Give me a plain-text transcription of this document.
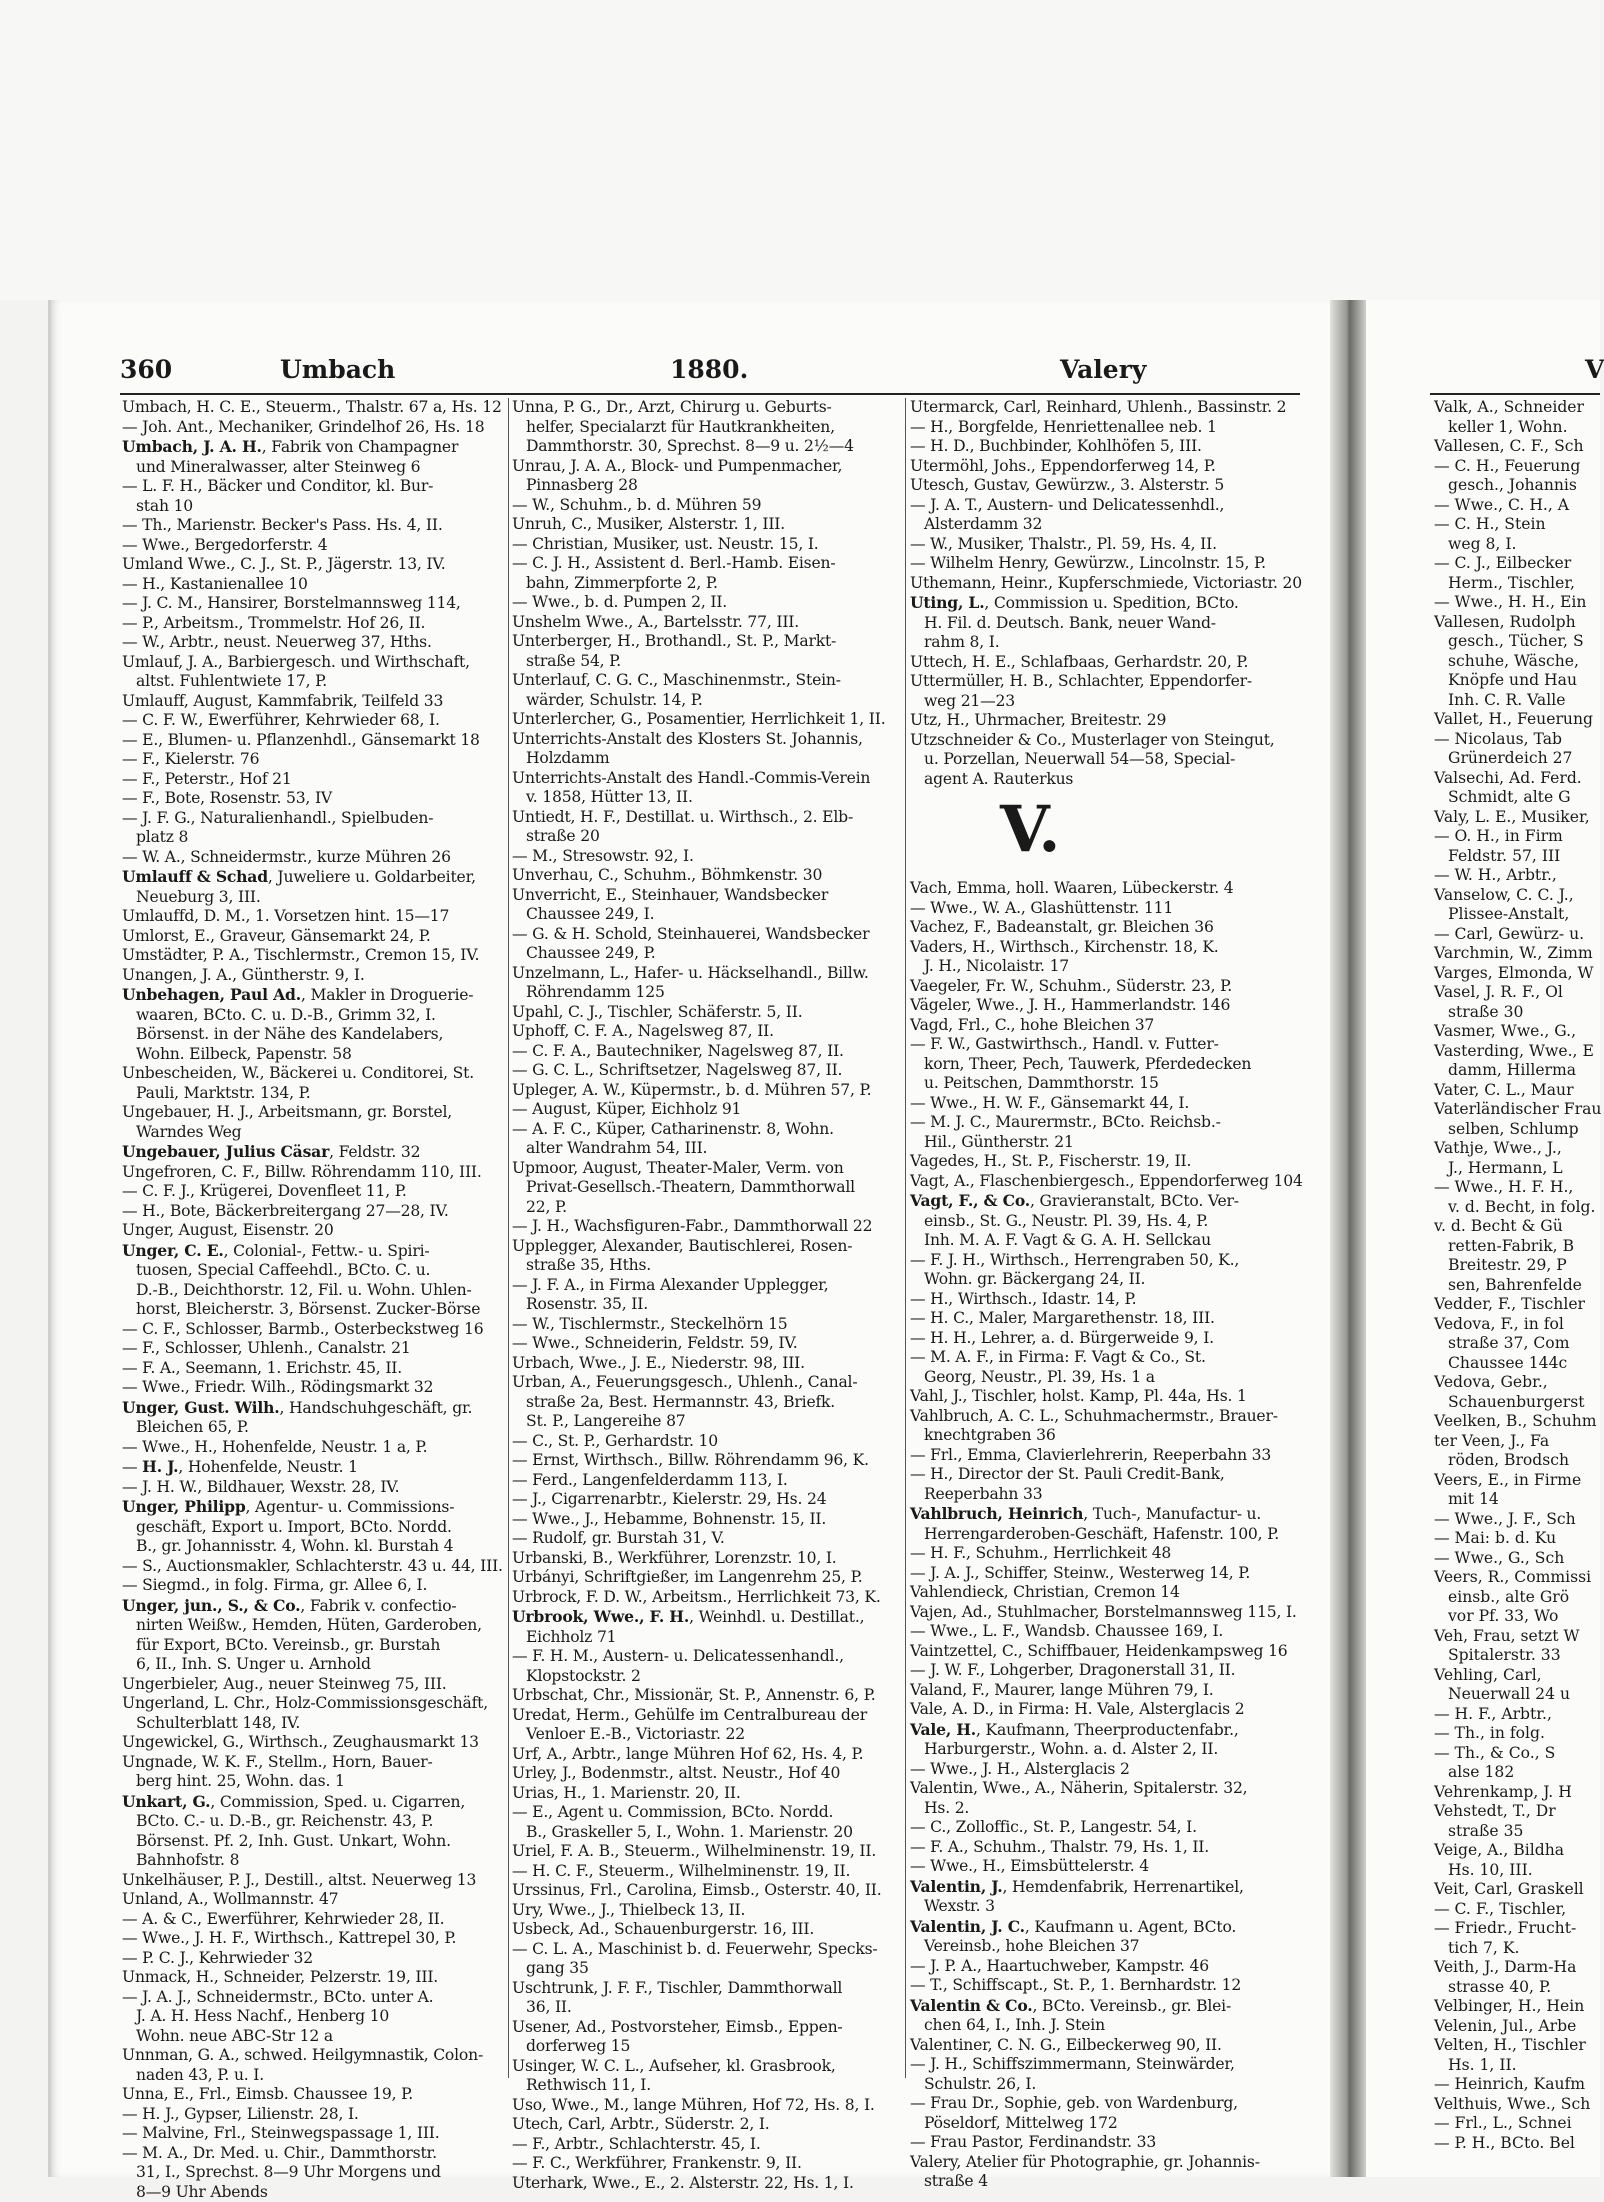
360	Umbach	1880.	Valery
Umbach, H. C. E., Steuerm., Thalstr. 67 a, Hs. 12
— Joh. Ant., Mechaniker, Grindelhof 26, Hs. 18
Umbach, J. A. H., Fabrik von Champagner
und Mineralwasser, alter Steinweg 6
— L. F. H., Bäcker und Conditor, kl. Bur-
stah 10
— Th., Marienstr. Becker's Pass. Hs. 4, II.
— Wwe., Bergedorferstr. 4
Umland Wwe., C. J., St. P., Jägerstr. 13, IV.
— H., Kastanienallee 10
— J. C. M., Hansirer, Borstelmannsweg 114,
— P., Arbeitsm., Trommelstr. Hof 26, II.
— W., Arbtr., neust. Neuerweg 37, Hths.
Umlauf, J. A., Barbiergesch. und Wirthschaft,
altst. Fuhlentwiete 17, P.
Umlauff, August, Kammfabrik, Teilfeld 33
— C. F. W., Ewerführer, Kehrwieder 68, I.
— E., Blumen- u. Pflanzenhdl., Gänsemarkt 18
— F., Kielerstr. 76
— F., Peterstr., Hof 21
— F., Bote, Rosenstr. 53, IV
— J. F. G., Naturalienhandl., Spielbuden-
platz 8
— W. A., Schneidermstr., kurze Mühren 26
Umlauff & Schad, Juweliere u. Goldarbeiter,
Neueburg 3, III.
Umlauffd, D. M., 1. Vorsetzen hint. 15—17
Umlorst, E., Graveur, Gänsemarkt 24, P.
Umstädter, P. A., Tischlermstr., Cremon 15, IV.
Unangen, J. A., Güntherstr. 9, I.
Unbehagen, Paul Ad., Makler in Droguerie-
waaren, BCto. C. u. D.-B., Grimm 32, I.
Börsenst. in der Nähe des Kandelabers,
Wohn. Eilbeck, Papenstr. 58
Unbescheiden, W., Bäckerei u. Conditorei, St.
Pauli, Marktstr. 134, P.
Ungebauer, H. J., Arbeitsmann, gr. Borstel,
Warndes Weg
Ungebauer, Julius Cäsar, Feldstr. 32
Ungefroren, C. F., Billw. Röhrendamm 110, III.
— C. F. J., Krügerei, Dovenfleet 11, P.
— H., Bote, Bäckerbreitergang 27—28, IV.
Unger, August, Eisenstr. 20
Unger, C. E., Colonial-, Fettw.- u. Spiri-
tuosen, Special Caffeehdl., BCto. C. u.
D.-B., Deichthorstr. 12, Fil. u. Wohn. Uhlen-
horst, Bleicherstr. 3, Börsenst. Zucker-Börse
— C. F., Schlosser, Barmb., Osterbeckstweg 16
— F., Schlosser, Uhlenh., Canalstr. 21
— F. A., Seemann, 1. Erichstr. 45, II.
— Wwe., Friedr. Wilh., Rödingsmarkt 32
Unger, Gust. Wilh., Handschuhgeschäft, gr.
Bleichen 65, P.
— Wwe., H., Hohenfelde, Neustr. 1 a, P.
— H. J., Hohenfelde, Neustr. 1
— J. H. W., Bildhauer, Wexstr. 28, IV.
Unger, Philipp, Agentur- u. Commissions-
geschäft, Export u. Import, BCto. Nordd.
B., gr. Johannisstr. 4, Wohn. kl. Burstah 4
— S., Auctionsmakler, Schlachterstr. 43 u. 44, III.
— Siegmd., in folg. Firma, gr. Allee 6, I.
Unger, jun., S., & Co., Fabrik v. confectio-
nirten Weißw., Hemden, Hüten, Garderoben,
für Export, BCto. Vereinsb., gr. Burstah
6, II., Inh. S. Unger u. Arnhold
Ungerbieler, Aug., neuer Steinweg 75, III.
Ungerland, L. Chr., Holz-Commissionsgeschäft,
Schulterblatt 148, IV.
Ungewickel, G., Wirthsch., Zeughausmarkt 13
Ungnade, W. K. F., Stellm., Horn, Bauer-
berg hint. 25, Wohn. das. 1
Unkart, G., Commission, Sped. u. Cigarren,
BCto. C.- u. D.-B., gr. Reichenstr. 43, P.
Börsenst. Pf. 2, Inh. Gust. Unkart, Wohn.
Bahnhofstr. 8
Unkelhäuser, P. J., Destill., altst. Neuerweg 13
Unland, A., Wollmannstr. 47
— A. & C., Ewerführer, Kehrwieder 28, II.
— Wwe., J. H. F., Wirthsch., Kattrepel 30, P.
— P. C. J., Kehrwieder 32
Unmack, H., Schneider, Pelzerstr. 19, III.
— J. A. J., Schneidermstr., BCto. unter A.
J. A. H. Hess Nachf., Henberg 10
Wohn. neue ABC-Str 12 a
Unnman, G. A., schwed. Heilgymnastik, Colon-
naden 43, P. u. I.
Unna, E., Frl., Eimsb. Chaussee 19, P.
— H. J., Gypser, Lilienstr. 28, I.
— Malvine, Frl., Steinwegspassage 1, III.
— M. A., Dr. Med. u. Chir., Dammthorstr.
31, I., Sprechst. 8—9 Uhr Morgens und
8—9 Uhr Abends
Unna, P. G., Dr., Arzt, Chirurg u. Geburts-
helfer, Specialarzt für Hautkrankheiten,
Dammthorstr. 30, Sprechst. 8—9 u. 2½—4
Unrau, J. A. A., Block- und Pumpenmacher,
Pinnasberg 28
— W., Schuhm., b. d. Mühren 59
Unruh, C., Musiker, Alsterstr. 1, III.
— Christian, Musiker, ust. Neustr. 15, I.
— C. J. H., Assistent d. Berl.-Hamb. Eisen-
bahn, Zimmerpforte 2, P.
— Wwe., b. d. Pumpen 2, II.
Unshelm Wwe., A., Bartelsstr. 77, III.
Unterberger, H., Brothandl., St. P., Markt-
straße 54, P.
Unterlauf, C. G. C., Maschinenmstr., Stein-
wärder, Schulstr. 14, P.
Unterlercher, G., Posamentier, Herrlichkeit 1, II.
Unterrichts-Anstalt des Klosters St. Johannis,
Holzdamm
Unterrichts-Anstalt des Handl.-Commis-Verein
v. 1858, Hütter 13, II.
Untiedt, H. F., Destillat. u. Wirthsch., 2. Elb-
straße 20
— M., Stresowstr. 92, I.
Unverhau, C., Schuhm., Böhmkenstr. 30
Unverricht, E., Steinhauer, Wandsbecker
Chaussee 249, I.
— G. & H. Schold, Steinhauerei, Wandsbecker
Chaussee 249, P.
Unzelmann, L., Hafer- u. Häckselhandl., Billw.
Röhrendamm 125
Upahl, C. J., Tischler, Schäferstr. 5, II.
Uphoff, C. F. A., Nagelsweg 87, II.
— C. F. A., Bautechniker, Nagelsweg 87, II.
— G. C. L., Schriftsetzer, Nagelsweg 87, II.
Upleger, A. W., Küpermstr., b. d. Mühren 57, P.
— August, Küper, Eichholz 91
— A. F. C., Küper, Catharinenstr. 8, Wohn.
alter Wandrahm 54, III.
Upmoor, August, Theater-Maler, Verm. von
Privat-Gesellsch.-Theatern, Dammthorwall
22, P.
— J. H., Wachsfiguren-Fabr., Dammthorwall 22
Upplegger, Alexander, Bautischlerei, Rosen-
straße 35, Hths.
— J. F. A., in Firma Alexander Upplegger,
Rosenstr. 35, II.
— W., Tischlermstr., Steckelhörn 15
— Wwe., Schneiderin, Feldstr. 59, IV.
Urbach, Wwe., J. E., Niederstr. 98, III.
Urban, A., Feuerungsgesch., Uhlenh., Canal-
straße 2a, Best. Hermannstr. 43, Briefk.
St. P., Langereihe 87
— C., St. P., Gerhardstr. 10
— Ernst, Wirthsch., Billw. Röhrendamm 96, K.
— Ferd., Langenfelderdamm 113, I.
— J., Cigarrenarbtr., Kielerstr. 29, Hs. 24
— Wwe., J., Hebamme, Bohnenstr. 15, II.
— Rudolf, gr. Burstah 31, V.
Urbanski, B., Werkführer, Lorenzstr. 10, I.
Urbányi, Schriftgießer, im Langenrehm 25, P.
Urbrock, F. D. W., Arbeitsm., Herrlichkeit 73, K.
Urbrook, Wwe., F. H., Weinhdl. u. Destillat.,
Eichholz 71
— F. H. M., Austern- u. Delicatessenhandl.,
Klopstockstr. 2
Urbschat, Chr., Missionär, St. P., Annenstr. 6, P.
Uredat, Herm., Gehülfe im Centralbureau der
Venloer E.-B., Victoriastr. 22
Urf, A., Arbtr., lange Mühren Hof 62, Hs. 4, P.
Urley, J., Bodenmstr., altst. Neustr., Hof 40
Urias, H., 1. Marienstr. 20, II.
— E., Agent u. Commission, BCto. Nordd.
B., Graskeller 5, I., Wohn. 1. Marienstr. 20
Uriel, F. A. B., Steuerm., Wilhelminenstr. 19, II.
— H. C. F., Steuerm., Wilhelminenstr. 19, II.
Urssinus, Frl., Carolina, Eimsb., Osterstr. 40, II.
Ury, Wwe., J., Thielbeck 13, II.
Usbeck, Ad., Schauenburgerstr. 16, III.
— C. L. A., Maschinist b. d. Feuerwehr, Specks-
gang 35
Uschtrunk, J. F. F., Tischler, Dammthorwall
36, II.
Usener, Ad., Postvorsteher, Eimsb., Eppen-
dorferweg 15
Usinger, W. C. L., Aufseher, kl. Grasbrook,
Rethwisch 11, I.
Uso, Wwe., M., lange Mühren, Hof 72, Hs. 8, I.
Utech, Carl, Arbtr., Süderstr. 2, I.
— F., Arbtr., Schlachterstr. 45, I.
— F. C., Werkführer, Frankenstr. 9, II.
Uterhark, Wwe., E., 2. Alsterstr. 22, Hs. 1, I.
Utermarck, Carl, Reinhard, Uhlenh., Bassinstr. 2
— H., Borgfelde, Henriettenallee neb. 1
— H. D., Buchbinder, Kohlhöfen 5, III.
Utermöhl, Johs., Eppendorferweg 14, P.
Utesch, Gustav, Gewürzw., 3. Alsterstr. 5
— J. A. T., Austern- und Delicatessenhdl.,
Alsterdamm 32
— W., Musiker, Thalstr., Pl. 59, Hs. 4, II.
— Wilhelm Henry, Gewürzw., Lincolnstr. 15, P.
Uthemann, Heinr., Kupferschmiede, Victoriastr. 20
Uting, L., Commission u. Spedition, BCto.
H. Fil. d. Deutsch. Bank, neuer Wand-
rahm 8, I.
Uttech, H. E., Schlafbaas, Gerhardstr. 20, P.
Uttermüller, H. B., Schlachter, Eppendorfer-
weg 21—23
Utz, H., Uhrmacher, Breitestr. 29
Utzschneider & Co., Musterlager von Steingut,
u. Porzellan, Neuerwall 54—58, Special-
agent A. Rauterkus
V.
Vach, Emma, holl. Waaren, Lübeckerstr. 4
— Wwe., W. A., Glashüttenstr. 111
Vachez, F., Badeanstalt, gr. Bleichen 36
Vaders, H., Wirthsch., Kirchenstr. 18, K.
J. H., Nicolaistr. 17
Vaegeler, Fr. W., Schuhm., Süderstr. 23, P.
Vägeler, Wwe., J. H., Hammerlandstr. 146
Vagd, Frl., C., hohe Bleichen 37
— F. W., Gastwirthsch., Handl. v. Futter-
korn, Theer, Pech, Tauwerk, Pferdedecken
u. Peitschen, Dammthorstr. 15
— Wwe., H. W. F., Gänsemarkt 44, I.
— M. J. C., Maurermstr., BCto. Reichsb.-
Hil., Güntherstr. 21
Vagedes, H., St. P., Fischerstr. 19, II.
Vagt, A., Flaschenbiergesch., Eppendorferweg 104
Vagt, F., & Co., Gravieranstalt, BCto. Ver-
einsb., St. G., Neustr. Pl. 39, Hs. 4, P.
Inh. M. A. F. Vagt & G. A. H. Sellckau
— F. J. H., Wirthsch., Herrengraben 50, K.,
Wohn. gr. Bäckergang 24, II.
— H., Wirthsch., Idastr. 14, P.
— H. C., Maler, Margarethenstr. 18, III.
— H. H., Lehrer, a. d. Bürgerweide 9, I.
— M. A. F., in Firma: F. Vagt & Co., St.
Georg, Neustr., Pl. 39, Hs. 1 a
Vahl, J., Tischler, holst. Kamp, Pl. 44a, Hs. 1
Vahlbruch, A. C. L., Schuhmachermstr., Brauer-
knechtgraben 36
— Frl., Emma, Clavierlehrerin, Reeperbahn 33
— H., Director der St. Pauli Credit-Bank,
Reeperbahn 33
Vahlbruch, Heinrich, Tuch-, Manufactur- u.
Herrengarderoben-Geschäft, Hafenstr. 100, P.
— H. F., Schuhm., Herrlichkeit 48
— J. A. J., Schiffer, Steinw., Westerweg 14, P.
Vahlendieck, Christian, Cremon 14
Vajen, Ad., Stuhlmacher, Borstelmannsweg 115, I.
— Wwe., L. F., Wandsb. Chaussee 169, I.
Vaintzettel, C., Schiffbauer, Heidenkampsweg 16
— J. W. F., Lohgerber, Dragonerstall 31, II.
Valand, F., Maurer, lange Mühren 79, I.
Vale, A. D., in Firma: H. Vale, Alsterglacis 2
Vale, H., Kaufmann, Theerproductenfabr.,
Harburgerstr., Wohn. a. d. Alster 2, II.
— Wwe., J. H., Alsterglacis 2
Valentin, Wwe., A., Näherin, Spitalerstr. 32,
Hs. 2.
— C., Zolloffic., St. P., Langestr. 54, I.
— F. A., Schuhm., Thalstr. 79, Hs. 1, II.
— Wwe., H., Eimsbüttelerstr. 4
Valentin, J., Hemdenfabrik, Herrenartikel,
Wexstr. 3
Valentin, J. C., Kaufmann u. Agent, BCto.
Vereinsb., hohe Bleichen 37
— J. P. A., Haartuchweber, Kampstr. 46
— T., Schiffscapt., St. P., 1. Bernhardstr. 12
Valentin & Co., BCto. Vereinsb., gr. Blei-
chen 64, I., Inh. J. Stein
Valentiner, C. N. G., Eilbeckerweg 90, II.
— J. H., Schiffszimmermann, Steinwärder,
Schulstr. 26, I.
— Frau Dr., Sophie, geb. von Wardenburg,
Pöseldorf, Mittelweg 172
— Frau Pastor, Ferdinandstr. 33
Valery, Atelier für Photographie, gr. Johannis-
straße 4
V
Valk, A., Schneider
keller 1, Wohn.
Vallesen, C. F., Sch
— C. H., Feuerung
gesch., Johannis
— Wwe., C. H., A
— C. H., Stein
weg 8, I.
— C. J., Eilbecker
Herm., Tischler,
— Wwe., H. H., Ein
Vallesen, Rudolph
gesch., Tücher, S
schuhe, Wäsche,
Knöpfe und Hau
Inh. C. R. Valle
Vallet, H., Feuerung
— Nicolaus, Tab
Grünerdeich 27
Valsechi, Ad. Ferd.
Schmidt, alte G
Valy, L. E., Musiker,
— O. H., in Firm
Feldstr. 57, III
— W. H., Arbtr.,
Vanselow, C. C. J.,
Plissee-Anstalt,
— Carl, Gewürz- u.
Varchmin, W., Zimm
Varges, Elmonda, W
Vasel, J. R. F., Ol
straße 30
Vasmer, Wwe., G.,
Vasterding, Wwe., E
damm, Hillerma
Vater, C. L., Maur
Vaterländischer Frau
selben, Schlump
Vathje, Wwe., J.,
J., Hermann, L
— Wwe., H. F. H.,
v. d. Becht, in folg.
v. d. Becht & Gü
retten-Fabrik, B
Breitestr. 29, P
sen, Bahrenfelde
Vedder, F., Tischler
Vedova, F., in fol
straße 37, Com
Chaussee 144c
Vedova, Gebr.,
Schauenburgerst
Veelken, B., Schuhm
ter Veen, J., Fa
röden, Brodsch
Veers, E., in Firme
mit 14
— Wwe., J. F., Sch
— Mai: b. d. Ku
— Wwe., G., Sch
Veers, R., Commissi
einsb., alte Grö
vor Pf. 33, Wo
Veh, Frau, setzt W
Spitalerstr. 33
Vehling, Carl,
Neuerwall 24 u
— H. F., Arbtr.,
— Th., in folg.
— Th., & Co., S
alse 182
Vehrenkamp, J. H
Vehstedt, T., Dr
straße 35
Veige, A., Bildha
Hs. 10, III.
Veit, Carl, Graskell
— C. F., Tischler,
— Friedr., Frucht-
tich 7, K.
Veith, J., Darm-Ha
strasse 40, P.
Velbinger, H., Hein
Velenin, Jul., Arbe
Velten, H., Tischler
Hs. 1, II.
— Heinrich, Kaufm
Velthuis, Wwe., Sch
— Frl., L., Schnei
— P. H., BCto. Bel
